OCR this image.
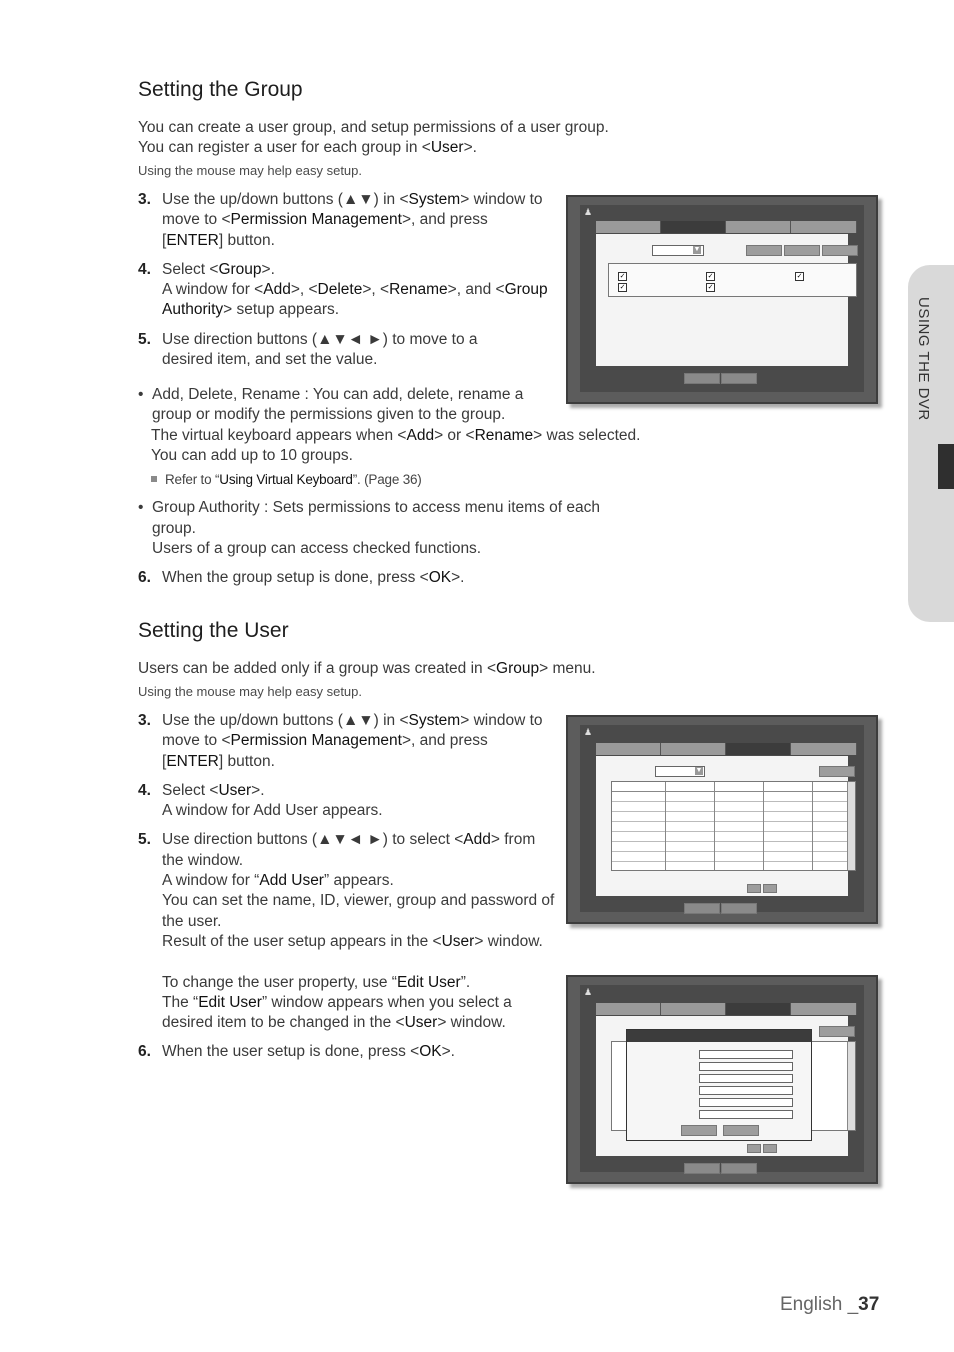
USING THE DVR
Setting the Group
You can create a user group, and setup permissions of a user group.
You can register a user for each group in <User>.
Using the mouse may help easy setup.
3. Use the up/down buttons (▲▼) in <System> window to move to <Permission Management>, and press [ENTER] button.
4. Select <Group>.
A window for <Add>, <Delete>, <Rename>, and <Group Authority> setup appears.
5. Use direction buttons (▲▼◄ ►) to move to a desired item, and set the value.
• Add, Delete, Rename : You can add, delete, rename a group or modify the permissions given to the group.
The virtual keyboard appears when <Add> or <Rename> was selected.
You can add up to 10 groups.
Refer to “Using Virtual Keyboard”. (Page 36)
• Group Authority : Sets permissions to access menu items of each group.
Users of a group can access checked functions.
6. When the group setup is done, press <OK>.
♟
▼
✓	✓	✓
✓	✓
Setting the User
Users can be added only if a group was created in <Group> menu.
Using the mouse may help easy setup.
3. Use the up/down buttons (▲▼) in <System> window to move to <Permission Management>, and press [ENTER] button.
4. Select <User>.
A window for Add User appears.
5. Use direction buttons (▲▼◄ ►) to select <Add> from the window.
A window for “Add User” appears.
You can set the name, ID, viewer, group and password of the user.
Result of the user setup appears in the <User> window.

To change the user property, use “Edit User”.
The “Edit User” window appears when you select a desired item to be changed in the <User> window.
6. When the user setup is done, press <OK>.
♟
▼
♟
English _37
